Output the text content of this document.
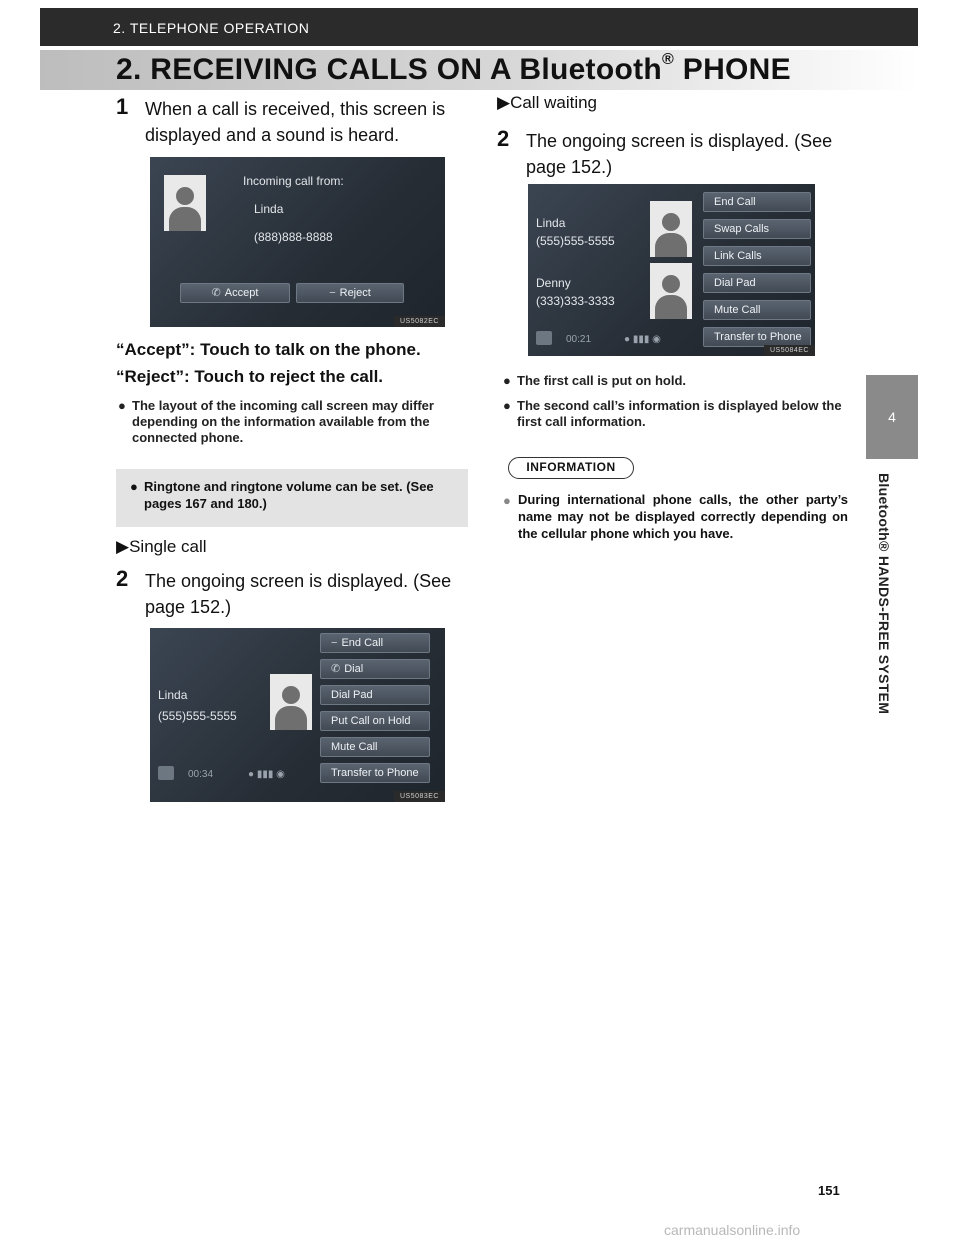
2. TELEPHONE OPERATION
2. RECEIVING CALLS ON A Bluetooth® PHONE
1 When a call is received, this screen is displayed and a sound is heard.
Incoming call from:
Linda
(888)888-8888
✆ Accept	− Reject
US5082EC
“Accept”: Touch to talk on the phone.
“Reject”: Touch to reject the call.
● The layout of the incoming call screen may differ depending on the information available from the connected phone.
● Ringtone and ringtone volume can be set. (See pages 167 and 180.)
▶Single call
2 The ongoing screen is displayed. (See page 152.)
Linda
(555)555-5555
00:34	● ▮▮▮ ◉
− End Call
✆ Dial
Dial Pad
Put Call on Hold
Mute Call
Transfer to Phone
US5083EC
▶Call waiting
2 The ongoing screen is displayed. (See page 152.)
Linda
(555)555-5555
Denny
(333)333-3333
00:21	● ▮▮▮ ◉
End Call
Swap Calls
Link Calls
Dial Pad
Mute Call
Transfer to Phone
US5084EC
● The first call is put on hold.
● The second call’s information is displayed below the first call information.
INFORMATION
● During international phone calls, the other party’s name may not be displayed correctly depending on the cellular phone which you have.
4
Bluetooth® HANDS-FREE SYSTEM
151
carmanualsonline.info
